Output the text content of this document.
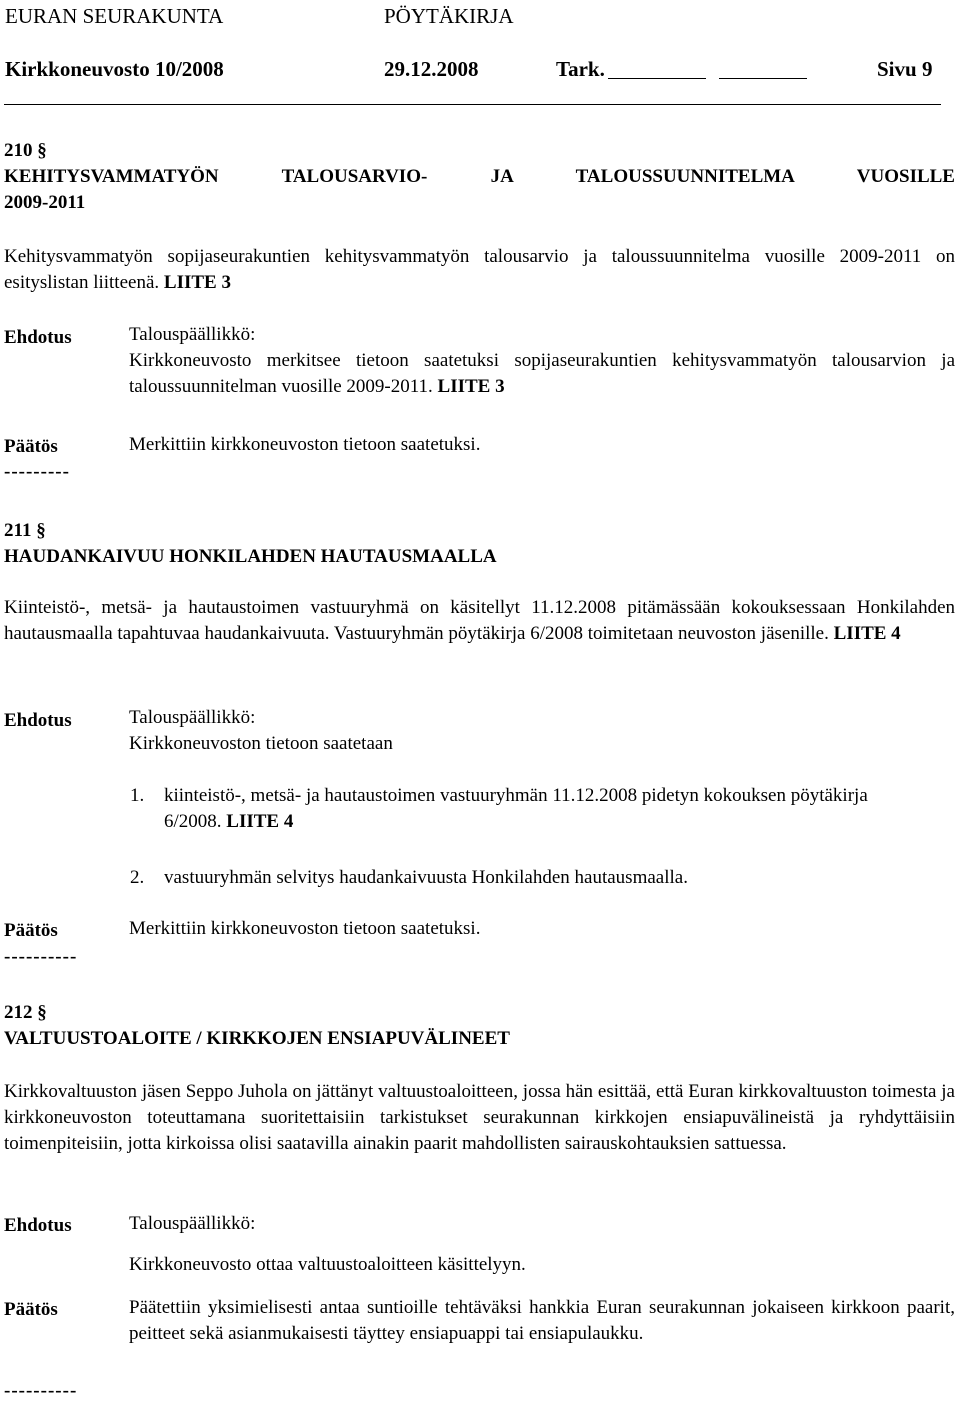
EURAN SEURAKUNTA	PÖYTÄKIRJA
Kirkkoneuvosto 10/2008	29.12.2008	Tark.	Sivu 9
210 §
KEHITYSVAMMATYÖN TALOUSARVIO- JA TALOUSSUUNNITELMA VUOSILLE
2009-2011
Kehitysvammatyön sopijaseurakuntien kehitysvammatyön talousarvio ja taloussuunnitelma vuosille 2009-2011 on esityslistan liitteenä. LIITE 3
Ehdotus	Talouspäällikkö:
Kirkkoneuvosto merkitsee tietoon saatetuksi sopijaseurakuntien kehitysvammatyön talousarvion ja taloussuunnitelman vuosille 2009-2011. LIITE 3
Päätös	Merkittiin kirkkoneuvoston tietoon saatetuksi.
---------
211 §
HAUDANKAIVUU HONKILAHDEN HAUTAUSMAALLA
Kiinteistö-, metsä- ja hautaustoimen vastuuryhmä on käsitellyt 11.12.2008 pitämässään kokouksessaan Honkilahden hautausmaalla tapahtuvaa haudankaivuuta. Vastuuryhmän pöytäkirja 6/2008 toimitetaan neuvoston jäsenille. LIITE 4
Ehdotus	Talouspäällikkö:
Kirkkoneuvoston tietoon saatetaan
1. kiinteistö-, metsä- ja hautaustoimen vastuuryhmän 11.12.2008 pidetyn kokouksen pöytäkirja 6/2008. LIITE 4
2. vastuuryhmän selvitys haudankaivuusta Honkilahden hautausmaalla.
Päätös	Merkittiin kirkkoneuvoston tietoon saatetuksi.
----------
212 §
VALTUUSTOALOITE / KIRKKOJEN ENSIAPUVÄLINEET
Kirkkovaltuuston jäsen Seppo Juhola on jättänyt valtuustoaloitteen, jossa hän esittää, että Euran kirkkovaltuuston toimesta ja kirkkoneuvoston toteuttamana suoritettaisiin tarkistukset seurakunnan kirkkojen ensiapuvälineistä ja ryhdyttäisiin toimenpiteisiin, jotta kirkoissa olisi saatavilla ainakin paarit mahdollisten sairauskohtauksien sattuessa.
Ehdotus	Talouspäällikkö:
Kirkkoneuvosto ottaa valtuustoaloitteen käsittelyyn.
Päätös	Päätettiin yksimielisesti antaa suntioille tehtäväksi hankkia Euran seurakunnan jokaiseen kirkkoon paarit, peitteet sekä asianmukaisesti täyttey ensiapuappi tai ensiapulaukku.
----------
